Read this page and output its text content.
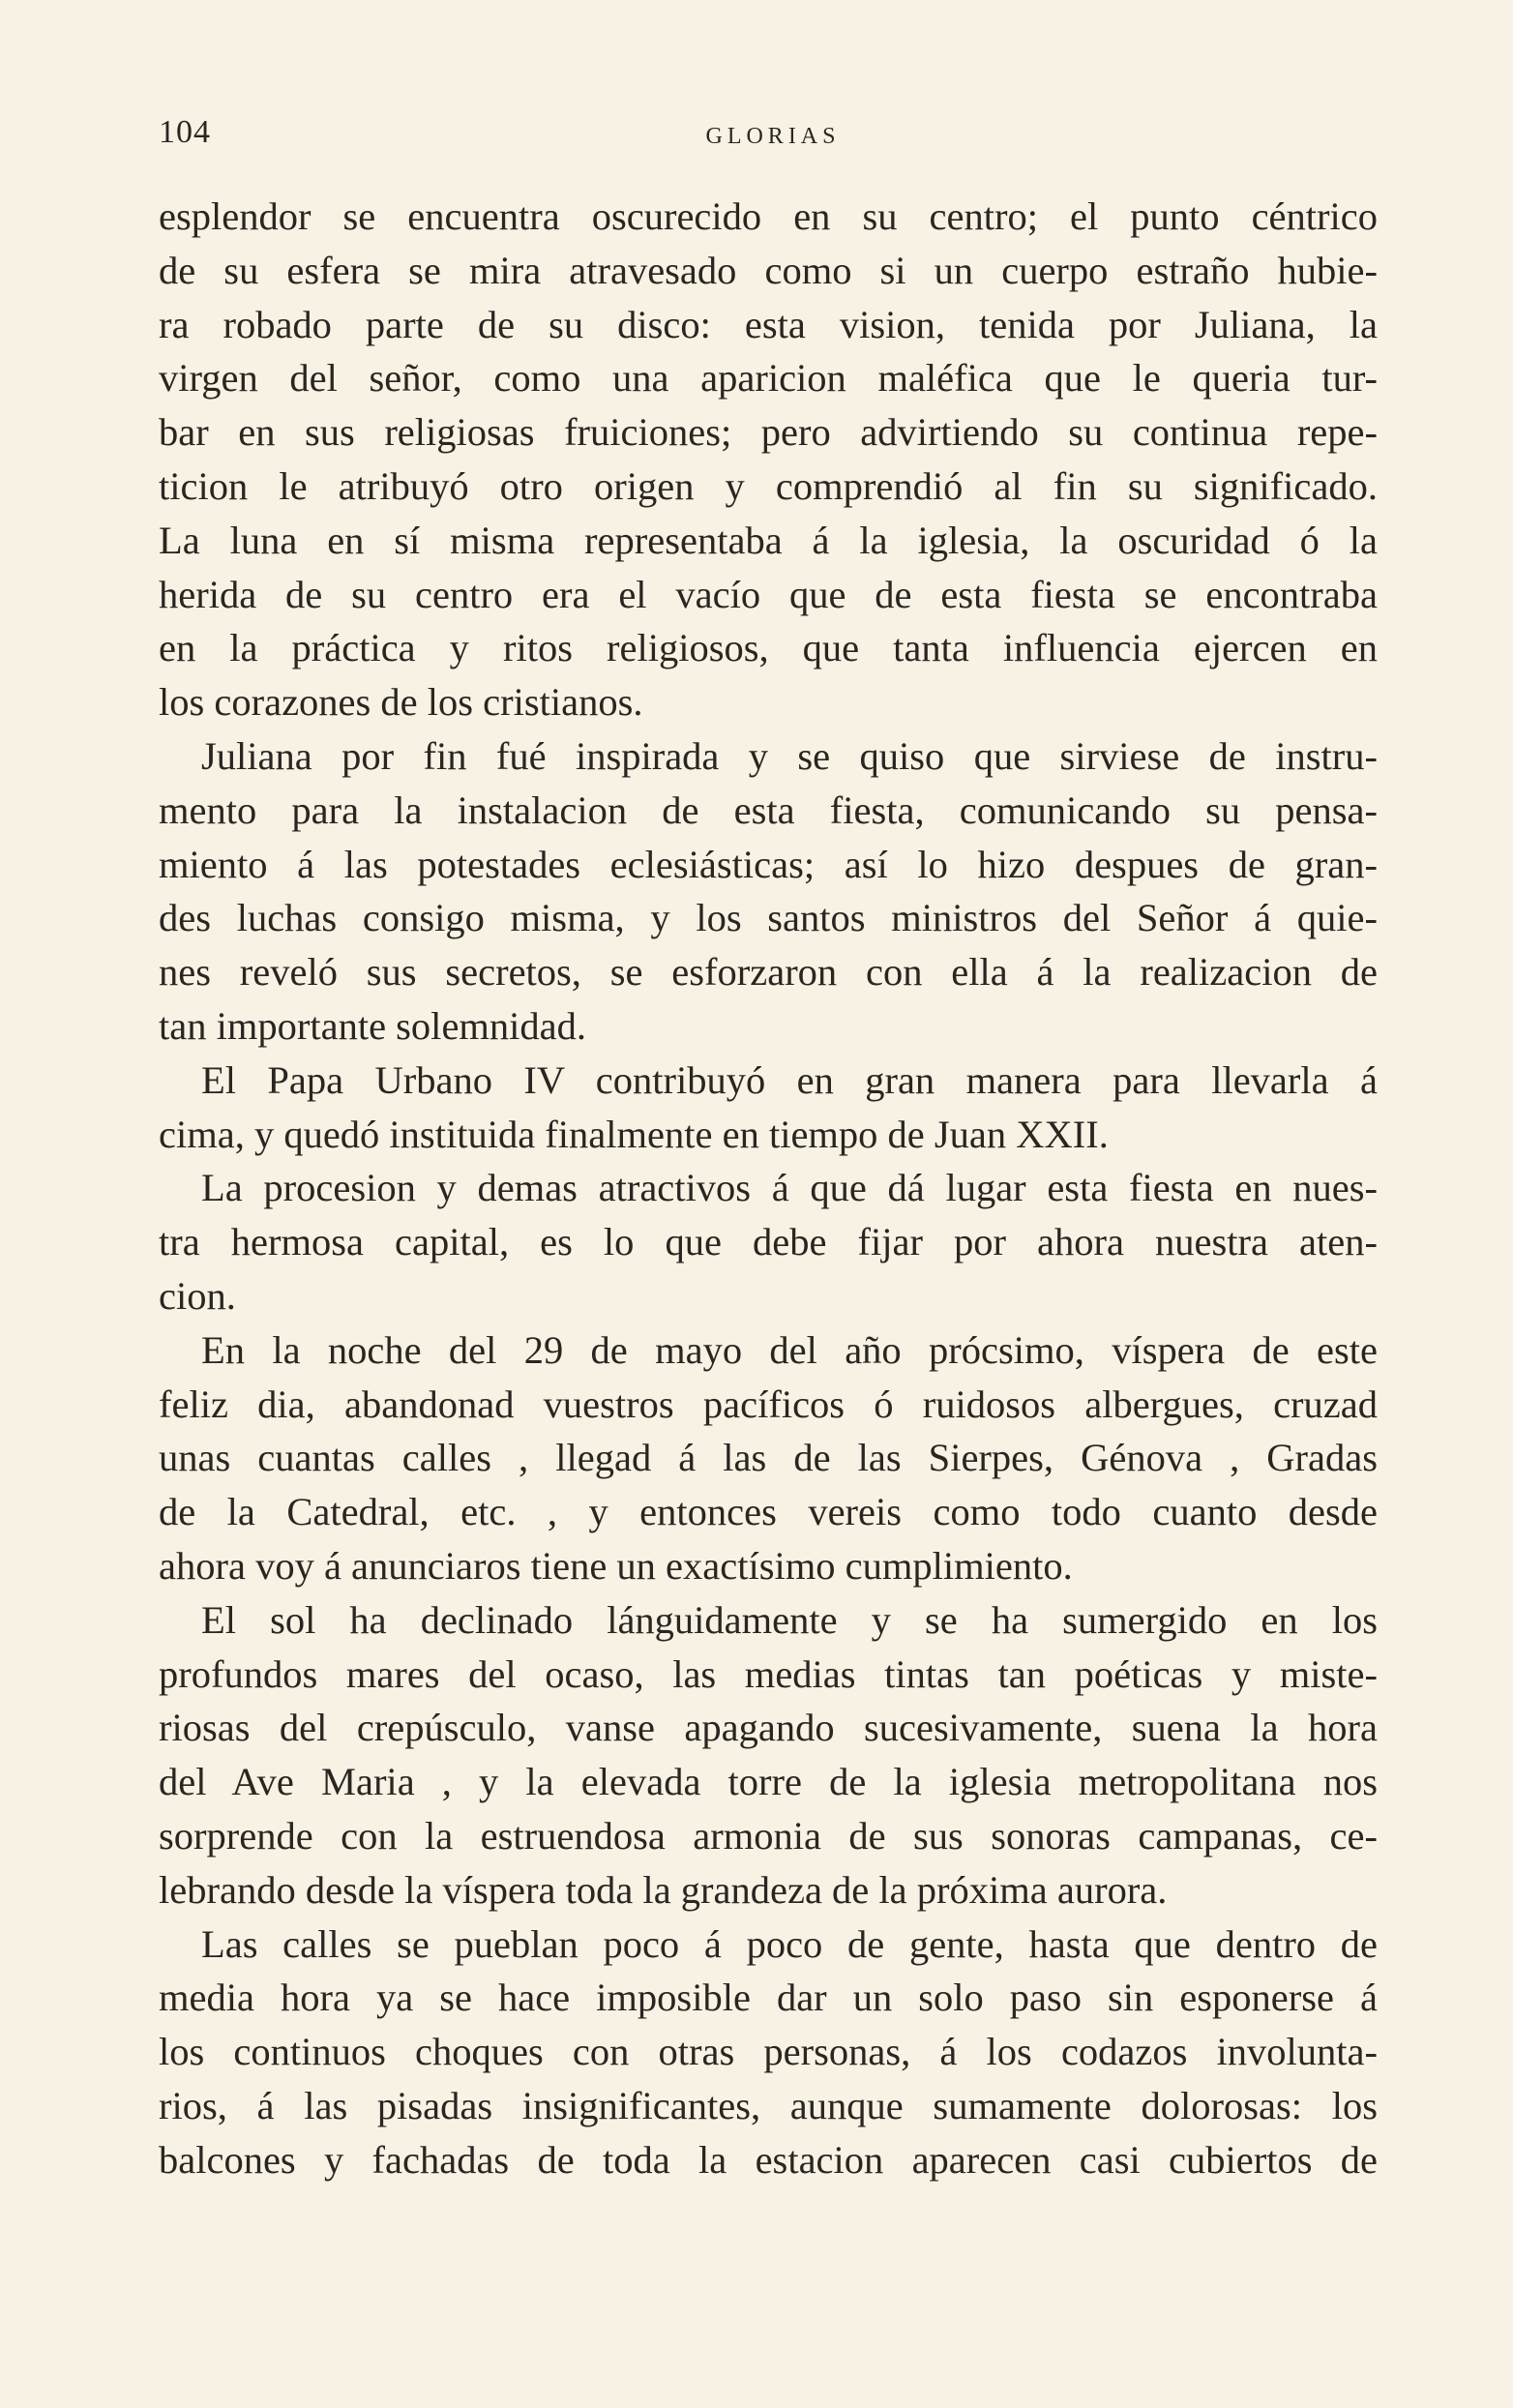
104	GLORIAS
esplendor se encuentra oscurecido en su centro; el punto céntrico
de su esfera se mira atravesado como si un cuerpo estraño hubie-
ra robado parte de su disco: esta vision, tenida por Juliana, la
virgen del señor, como una aparicion maléfica que le queria tur-
bar en sus religiosas fruiciones; pero advirtiendo su continua repe-
ticion le atribuyó otro origen y comprendió al fin su significado.
La luna en sí misma representaba á la iglesia, la oscuridad ó la
herida de su centro era el vacío que de esta fiesta se encontraba
en la práctica y ritos religiosos, que tanta influencia ejercen en
los corazones de los cristianos.
Juliana por fin fué inspirada y se quiso que sirviese de instru-
mento para la instalacion de esta fiesta, comunicando su pensa-
miento á las potestades eclesiásticas; así lo hizo despues de gran-
des luchas consigo misma, y los santos ministros del Señor á quie-
nes reveló sus secretos, se esforzaron con ella á la realizacion de
tan importante solemnidad.
El Papa Urbano IV contribuyó en gran manera para llevarla á
cima, y quedó instituida finalmente en tiempo de Juan XXII.
La procesion y demas atractivos á que dá lugar esta fiesta en nues-
tra hermosa capital, es lo que debe fijar por ahora nuestra aten-
cion.
En la noche del 29 de mayo del año prócsimo, víspera de este
feliz dia, abandonad vuestros pacíficos ó ruidosos albergues, cruzad
unas cuantas calles , llegad á las de las Sierpes, Génova , Gradas
de la Catedral, etc. , y entonces vereis como todo cuanto desde
ahora voy á anunciaros tiene un exactísimo cumplimiento.
El sol ha declinado lánguidamente y se ha sumergido en los
profundos mares del ocaso, las medias tintas tan poéticas y miste-
riosas del crepúsculo, vanse apagando sucesivamente, suena la hora
del Ave Maria , y la elevada torre de la iglesia metropolitana nos
sorprende con la estruendosa armonia de sus sonoras campanas, ce-
lebrando desde la víspera toda la grandeza de la próxima aurora.
Las calles se pueblan poco á poco de gente, hasta que dentro de
media hora ya se hace imposible dar un solo paso sin esponerse á
los continuos choques con otras personas, á los codazos involunta-
rios, á las pisadas insignificantes, aunque sumamente dolorosas: los
balcones y fachadas de toda la estacion aparecen casi cubiertos de
